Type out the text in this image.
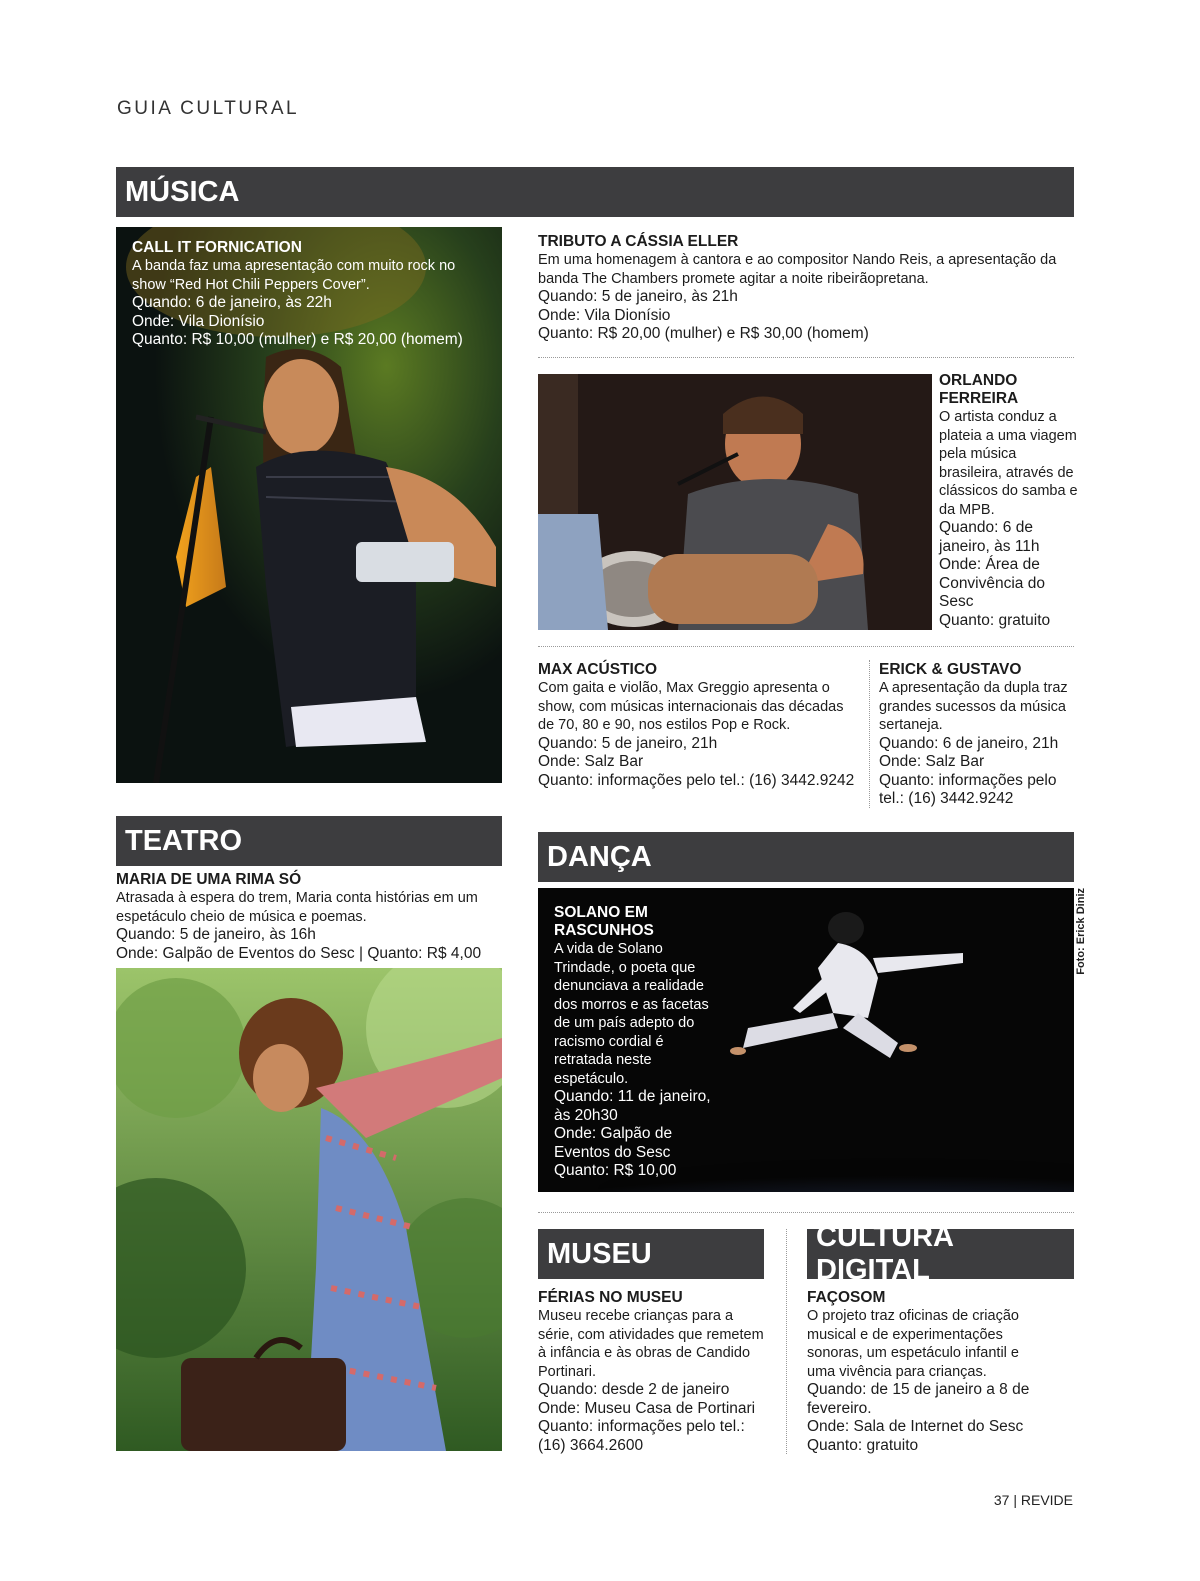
GUIA CULTURAL
MÚSICA

CALL IT FORNICATION

A banda faz uma apresentação com muito rock no show “Red Hot Chili Peppers Cover”.

Quando: 6 de janeiro, às 22h

Onde: Vila Dionísio

Quanto: R$ 10,00 (mulher) e R$ 20,00 (homem)

TRIBUTO A CÁSSIA ELLER

Em uma homenagem à cantora e ao compositor Nando Reis, a apresentação da banda The Chambers promete agitar a noite ribeirãopretana.

Quando: 5 de janeiro, às 21h

Onde: Vila Dionísio

Quanto: R$ 20,00 (mulher) e R$ 30,00 (homem)

ORLANDO FERREIRA

O artista conduz a plateia a uma viagem pela música brasileira, através de clássicos do samba e da MPB.

Quando: 6 de janeiro, às 11h

Onde: Área de Convivência do Sesc

Quanto: gratuito

MAX ACÚSTICO

Com gaita e violão, Max Greggio apresenta o show, com músicas internacionais das décadas de 70, 80 e 90, nos estilos Pop e Rock.

Quando: 5 de janeiro, 21h

Onde: Salz Bar

Quanto: informações pelo tel.: (16) 3442.9242

ERICK & GUSTAVO

A apresentação da dupla traz grandes sucessos da música sertaneja.

Quando: 6 de janeiro, 21h

Onde: Salz Bar

Quanto: informações pelo tel.: (16) 3442.9242

TEATRO

MARIA DE UMA RIMA SÓ

Atrasada à espera do trem, Maria conta histórias em um espetáculo cheio de música e poemas.

Quando: 5 de janeiro, às 16h

Onde: Galpão de Eventos do Sesc | Quanto: R$ 4,00

DANÇA

SOLANO EM RASCUNHOS

A vida de Solano Trindade, o poeta que denunciava a realidade dos morros e as facetas de um país adepto do racismo cordial é retratada neste espetáculo.

Quando: 11 de janeiro, às 20h30

Onde: Galpão de Eventos do Sesc

Quanto: R$ 10,00

Foto: Erick Diniz
MUSEU

FÉRIAS NO MUSEU

Museu recebe crianças para a série, com atividades que remetem à infância e às obras de Candido Portinari.

Quando: desde 2 de janeiro

Onde: Museu Casa de Portinari

Quanto: informações pelo tel.: (16) 3664.2600

CULTURA DIGITAL

FAÇOSOM

O projeto traz oficinas de criação musical e de experimentações sonoras, um espetáculo infantil e uma vivência para crianças.

Quando: de 15 de janeiro a 8 de fevereiro.

Onde: Sala de Internet do Sesc

Quanto: gratuito

37 | REVIDE
